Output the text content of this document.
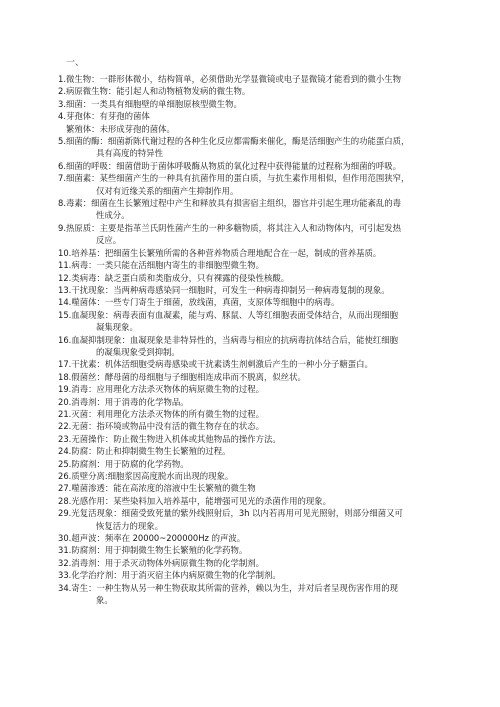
一、
1.微生物：一群形体微小，结构简单，必须借助光学显微镜或电子显微镜才能看到的微小生物
2.病原微生物：能引起人和动物植物发病的微生物。
3.细菌：一类具有细胞壁的单细胞原核型微生物。
4.芽孢体：有芽孢的菌体
繁殖体：未形成芽孢的菌体。
5.细菌的酶：细菌新陈代谢过程的各种生化反应都需酶来催化，酶是活细胞产生的功能蛋白质，
具有高度的特异性
6.细菌的呼吸：细菌借助于菌体呼吸酶从物质的氧化过程中获得能量的过程称为细菌的呼吸。
7.细菌素：某些细菌产生的一种具有抗菌作用的蛋白质，与抗生素作用相似，但作用范围狭窄，
仅对有近缘关系的细菌产生抑制作用。
8.毒素：细菌在生长繁殖过程中产生和释放具有损害宿主组织，器官并引起生理功能紊乱的毒
性成分。
9.热原质：主要是指革兰氏阴性菌产生的一种多糖物质，将其注入人和动物体内，可引起发热
反应。
10.培养基：把细菌生长繁殖所需的各种营养物质合理地配合在一起，制成的营养基质。
11.病毒：一类只能在活细胞内寄生的非细胞型微生物。
12.类病毒：缺乏蛋白质和类脂成分，只有裸露的侵染性核酸。
13.干扰现象：当两种病毒感染同一细胞时，可发生一种病毒抑制另一种病毒复制的现象。
14.噬菌体：一些专门寄生于细菌，放线菌，真菌，支原体等细胞中的病毒。
15.血凝现象：病毒表面有血凝素，能与鸡、豚鼠、人等红细胞表面受体结合，从而出现细胞
凝集现象。
16.血凝抑制现象：血凝现象是非特异性的，当病毒与相应的抗病毒抗体结合后，能使红细胞
的凝集现象受到抑制。
17.干扰素：机体活细胞受病毒感染或干扰素诱生剂刺激后产生的一种小分子糖蛋白。
18.假菌丝：酵母菌的母细胞与子细胞相连成串而不脱离，似丝状。
19.消毒：应用理化方法杀灭物体的病原微生物的过程。
20.消毒剂：用于消毒的化学物品。
21.灭菌：利用理化方法杀灭物体的所有微生物的过程。
22.无菌：指环境或物品中没有活的微生物存在的状态。
23.无菌操作：防止微生物进入机体或其他物品的操作方法。
24.防腐：防止和抑制微生物生长繁殖的过程。
25.防腐剂：用于防腐的化学药物。
26.质壁分离:细胞浆因高度脱水而出现的现象。
27.噬菌渗透：能在高浓度的溶液中生长繁殖的微生物
28.光感作用：某些染料加入培养基中，能增强可见光的杀菌作用的现象。
29.光复活现象：细菌受致死量的紫外线照射后，3h 以内若再用可见光照射，则部分细菌又可
恢复活力的现象。
30.超声波：频率在 20000~200000Hz 的声波。
31.防腐剂：用于抑制微生物生长繁殖的化学药物。
32.消毒剂：用于杀灭动物体外病原微生物的化学制剂。
33.化学治疗剂：用于消灭宿主体内病原微生物的化学制剂。
34.寄生：一种生物从另一种生物获取其所需的营养，赖以为生，并对后者呈现伤害作用的现
象。
